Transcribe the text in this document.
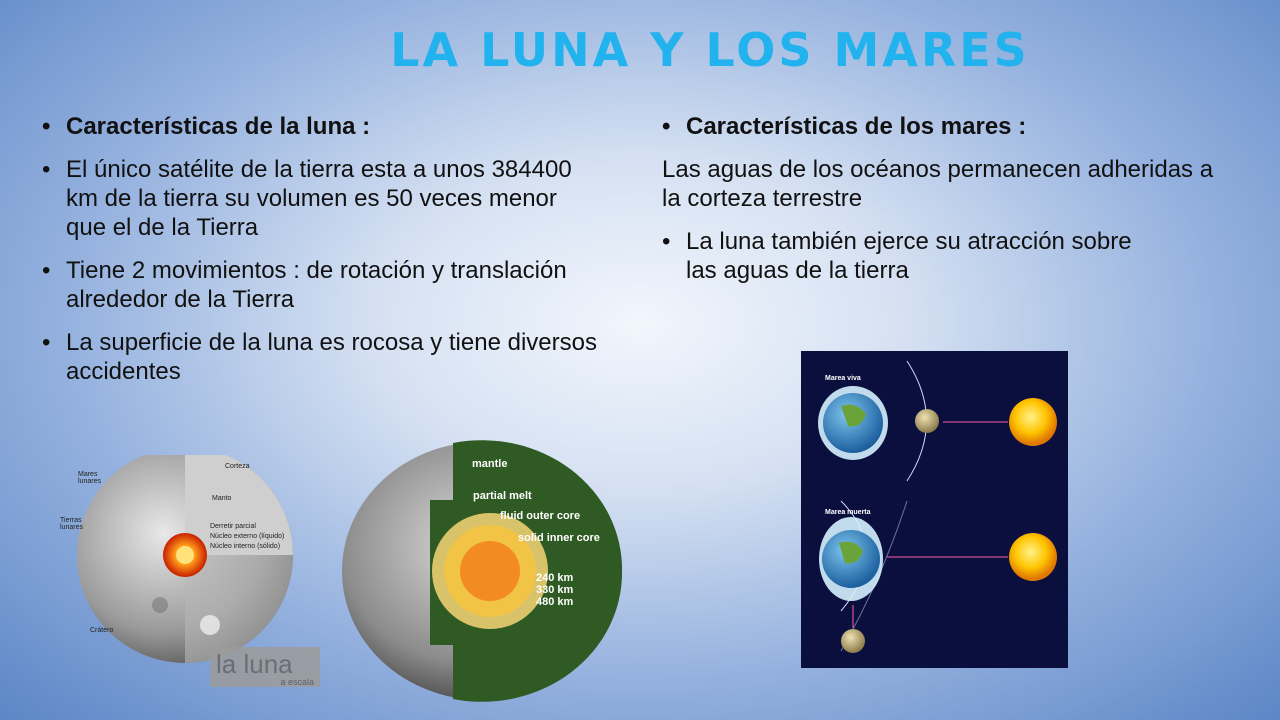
LA LUNA Y LOS MARES
• Características de la luna :
• El único satélite de la tierra esta a unos 384400 km de la tierra su volumen es 50 veces menor que el de la Tierra
• Tiene 2 movimientos : de rotación y translación alrededor de la Tierra
• La superficie de la luna es rocosa y tiene diversos accidentes
• Características de los mares :
Las aguas de los océanos permanecen adheridas a la corteza terrestre
• La luna también ejerce su atracción sobre las aguas de la tierra
Mares lunares
Corteza
Manto
Tierras lunares	Derretir parcial
Núcleo externo (líquido)
Núcleo interno (sólido)
Crátero
la luna
a escala
mantle
partial melt
fluid outer core
solid inner core
240 km
330 km
480 km
Marea viva
Marea muerta
